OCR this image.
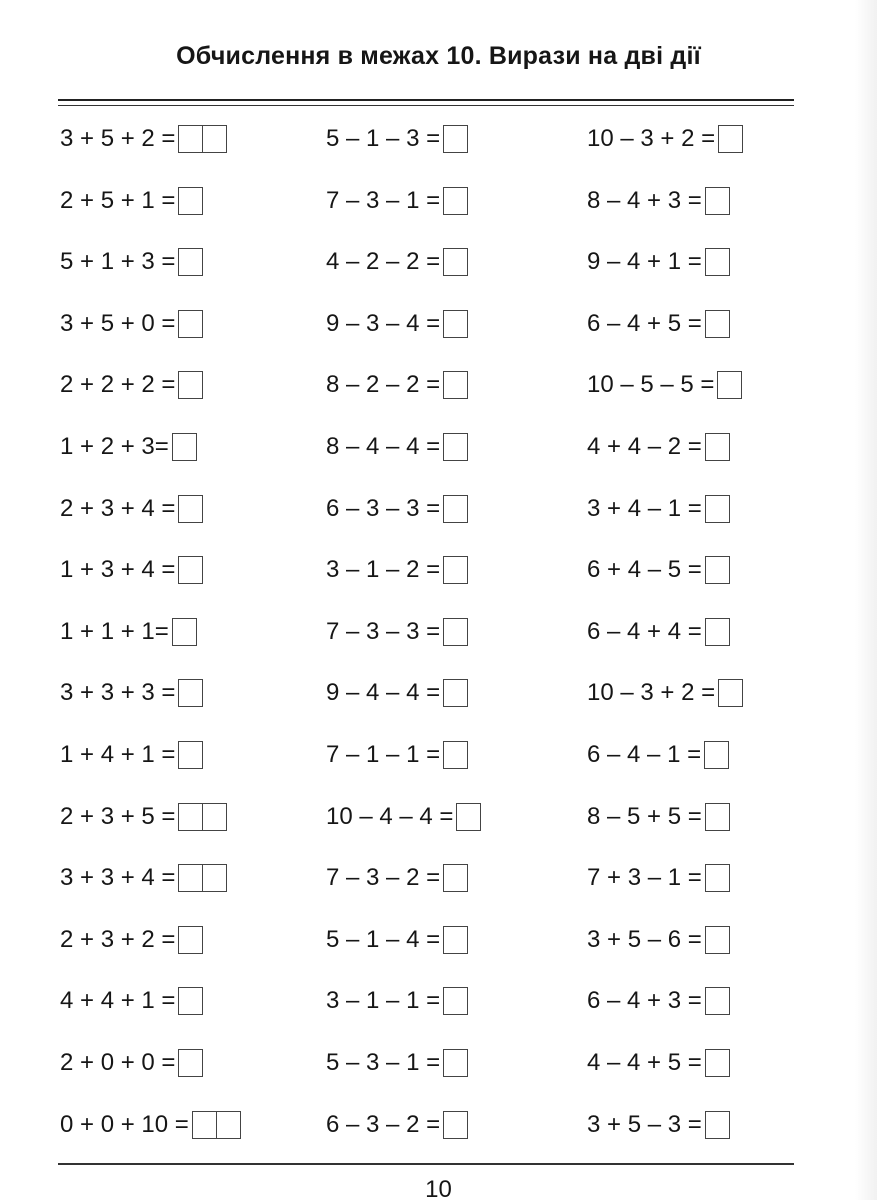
Обчислення в межах 10. Вирази на дві дії
3 + 5 + 2 =	5 – 1 – 3 =	10 – 3 + 2 =
2 + 5 + 1 =	7 – 3 – 1 =	8 – 4 + 3 =
5 + 1 + 3 =	4 – 2 – 2 =	9 – 4 + 1 =
3 + 5 + 0 =	9 – 3 – 4 =	6 – 4 + 5 =
2 + 2 + 2 =	8 – 2 – 2 =	10 – 5 – 5 =
1 + 2 + 3=	8 – 4 – 4 =	4 + 4 – 2 =
2 + 3 + 4 =	6 – 3 – 3 =	3 + 4 – 1 =
1 + 3 + 4 =	3 – 1 – 2 =	6 + 4 – 5 =
1 + 1 + 1=	7 – 3 – 3 =	6 – 4 + 4 =
3 + 3 + 3 =	9 – 4 – 4 =	10 – 3 + 2 =
1 + 4 + 1 =	7 – 1 – 1 =	6 – 4 – 1 =
2 + 3 + 5 =	10 – 4 – 4 =	8 – 5 + 5 =
3 + 3 + 4 =	7 – 3 – 2 =	7 + 3 – 1 =
2 + 3 + 2 =	5 – 1 – 4 =	3 + 5 – 6 =
4 + 4 + 1 =	3 – 1 – 1 =	6 – 4 + 3 =
2 + 0 + 0 =	5 – 3 – 1 =	4 – 4 + 5 =
0 + 0 + 10 =	6 – 3 – 2 =	3 + 5 – 3 =
10
